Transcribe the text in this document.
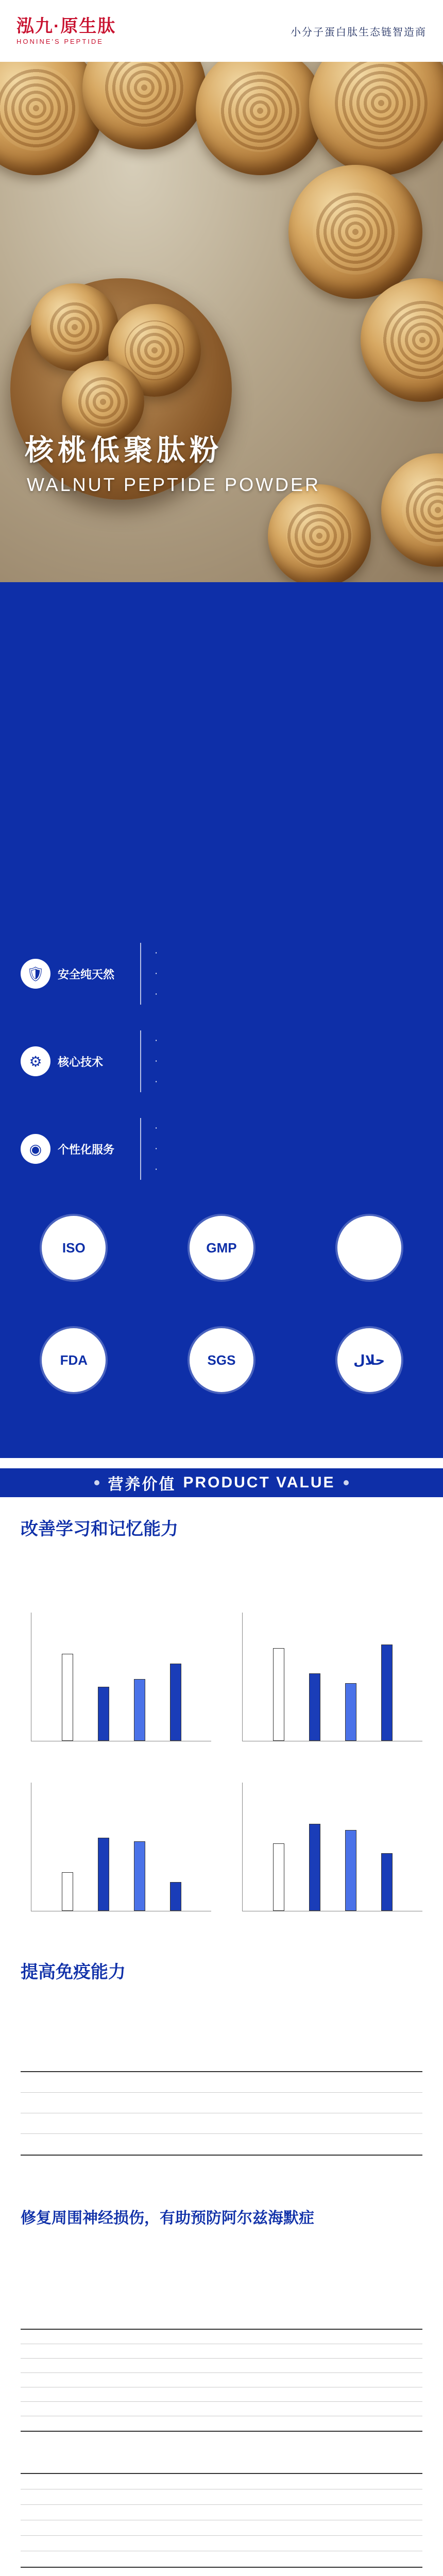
泓九·原生肽
HONINE'S PEPTIDE
小分子蛋白肽生态链智造商
核桃低聚肽粉
WALNUT PEPTIDE POWDER

🛡	安全纯天然
·
·
·
⚙	核心技术
·
·
·
◉	个性化服务
·
·
·
ISO	GMP
FDA	SGS	حلال
营养价值 PRODUCT VALUE
改善学习和记忆能力

提高免疫能力

修复周围神经损伤，有助预防阿尔兹海默症
